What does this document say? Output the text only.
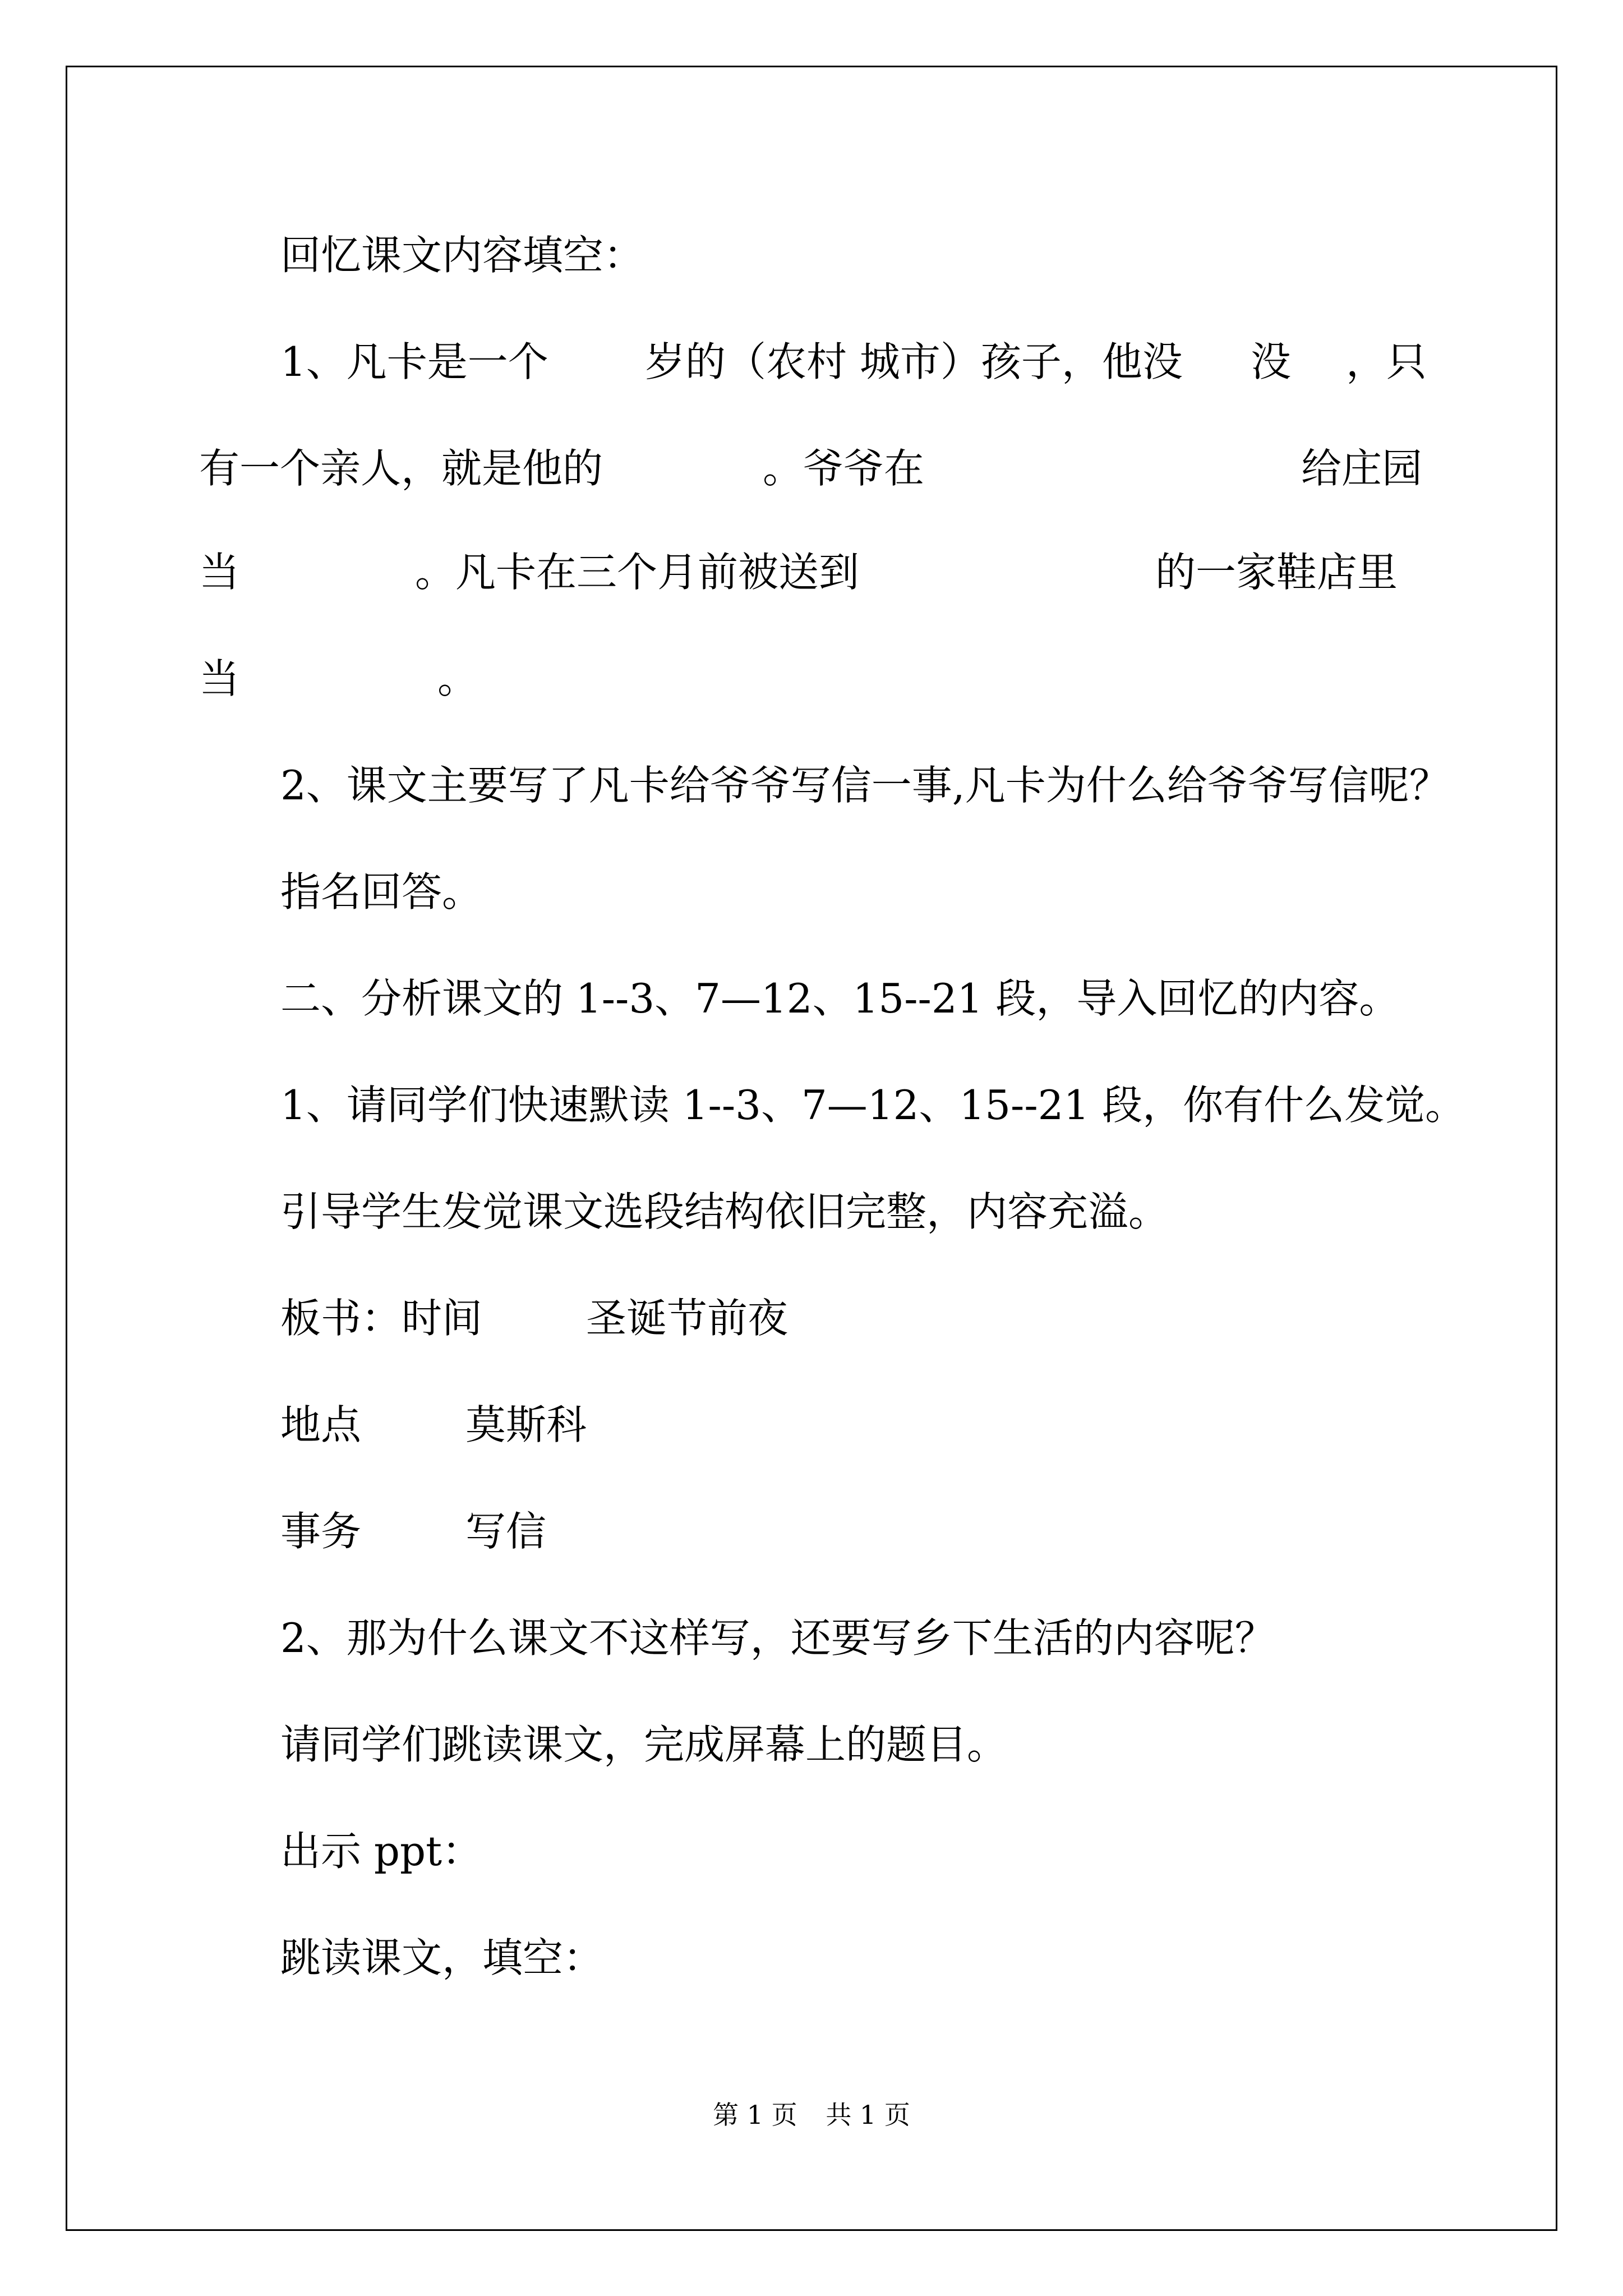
回忆课文内容填空：

1、凡卡是一个 岁的（农村 城市）孩子，他没 没 ，只
有一个亲人，就是他的	。爷爷在	给庄园
当	。凡卡在三个月前被送到	的一家鞋店里
当	。

2、课文主要写了凡卡给爷爷写信一事,凡卡为什么给爷爷写信呢？

指名回答。

二、分析课文的 1--3、7—12、15--21 段，导入回忆的内容。

1、请同学们快速默读 1--3、7—12、15--21 段，你有什么发觉。

引导学生发觉课文选段结构依旧完整，内容充溢。

板书：时间	圣诞节前夜
地点	莫斯科
事务	写信

2、那为什么课文不这样写，还要写乡下生活的内容呢？

请同学们跳读课文，完成屏幕上的题目。

出示 ppt：

跳读课文，填空：

第 1 页 共 1 页
